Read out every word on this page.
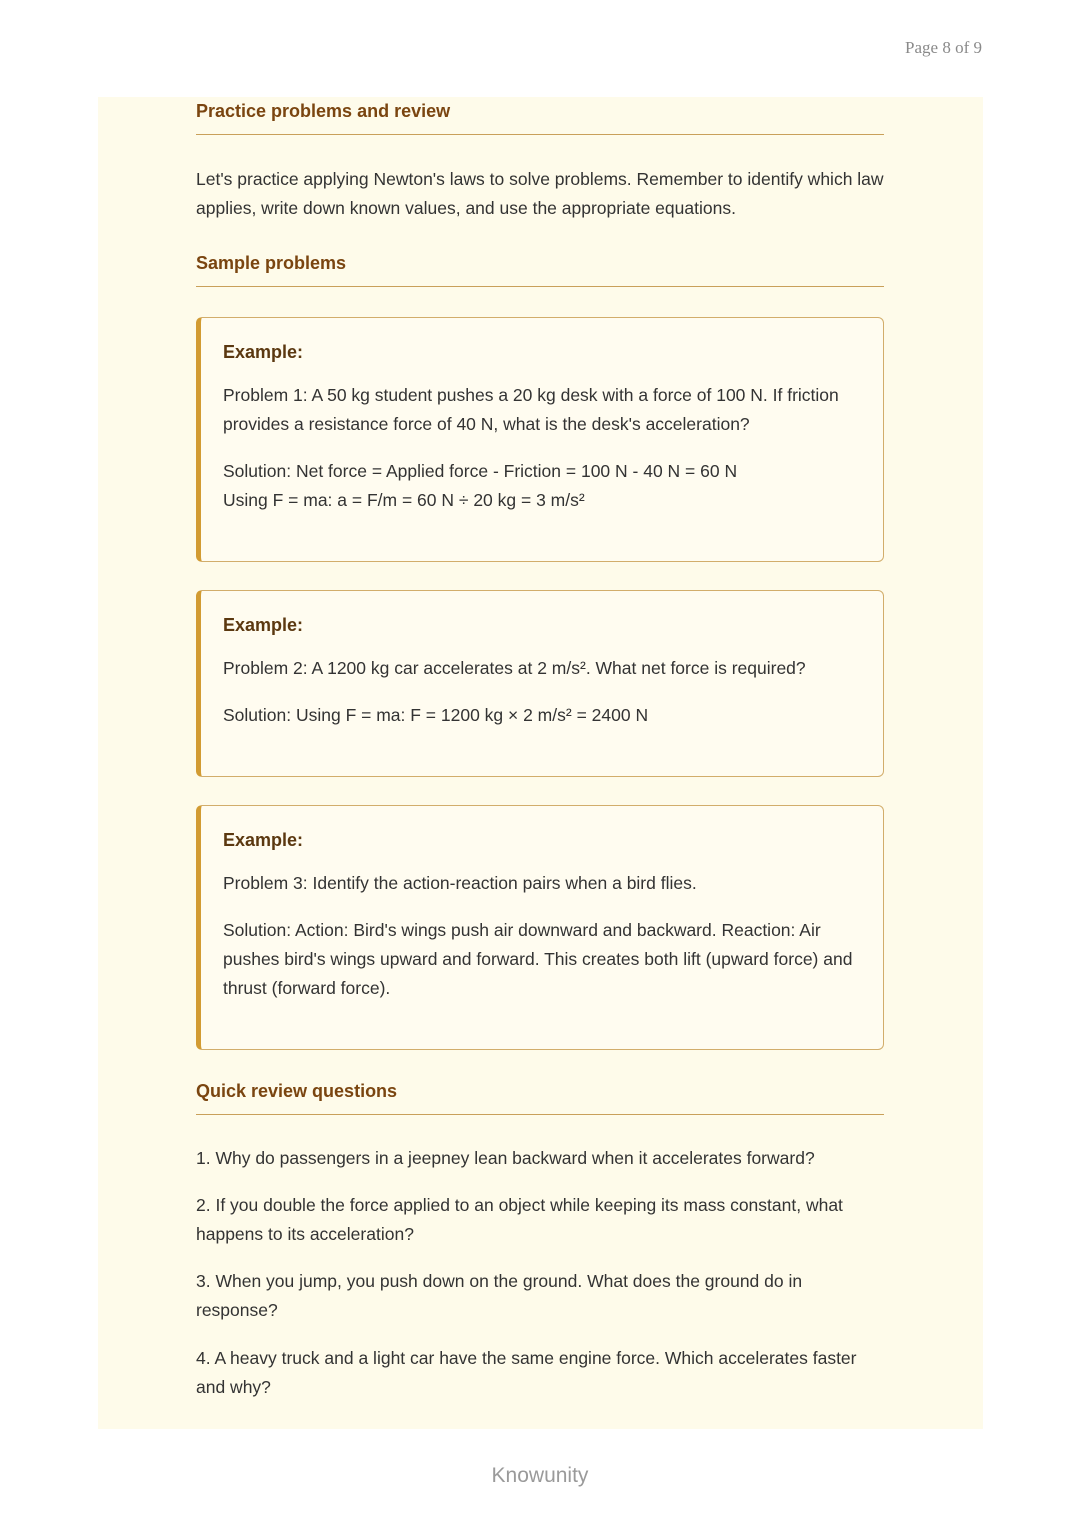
Page 8 of 9
Practice problems and review

Let's practice applying Newton's laws to solve problems. Remember to identify which law applies, write down known values, and use the appropriate equations.

Sample problems

Example:

Problem 1: A 50 kg student pushes a 20 kg desk with a force of 100 N. If friction provides a resistance force of 40 N, what is the desk's acceleration?

Solution: Net force = Applied force - Friction = 100 N - 40 N = 60 N

Using F = ma: a = F/m = 60 N ÷ 20 kg = 3 m/s²

Example:

Problem 2: A 1200 kg car accelerates at 2 m/s². What net force is required?

Solution: Using F = ma: F = 1200 kg × 2 m/s² = 2400 N

Example:

Problem 3: Identify the action-reaction pairs when a bird flies.

Solution: Action: Bird's wings push air downward and backward. Reaction: Air pushes bird's wings upward and forward. This creates both lift (upward force) and thrust (forward force).

Quick review questions

1. Why do passengers in a jeepney lean backward when it accelerates forward?

2. If you double the force applied to an object while keeping its mass constant, what happens to its acceleration?

3. When you jump, you push down on the ground. What does the ground do in response?

4. A heavy truck and a light car have the same engine force. Which accelerates faster and why?

Knowunity
